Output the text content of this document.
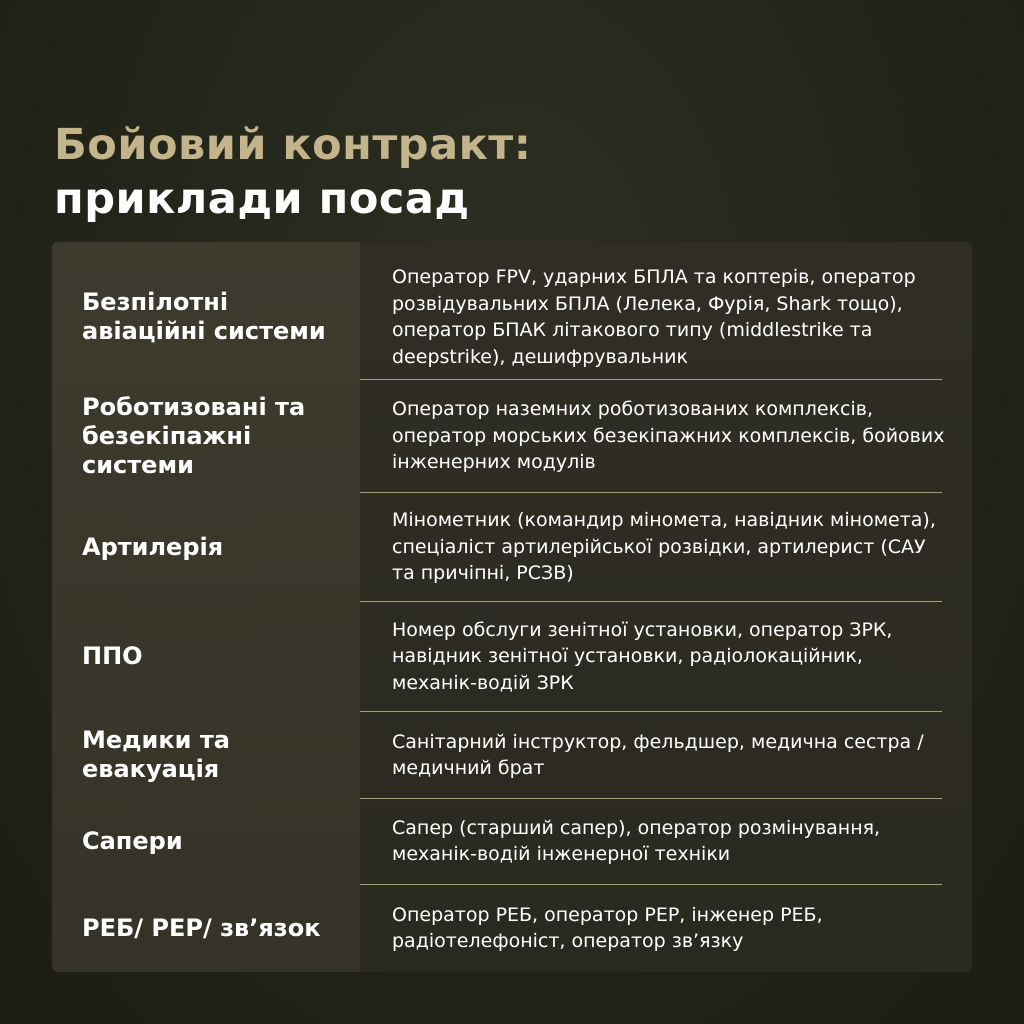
Бойовий контракт:
приклади посад
Безпілотні авіаційні системи
Оператор FPV, ударних БПЛА та коптерів, оператор розвідувальних БПЛА (Лелека, Фурія, Shark тощо), оператор БПАК літакового типу (middlestrike та deepstrike), дешифрувальник
Роботизовані та безекіпажні системи
Оператор наземних роботизованих комплексів, оператор морських безекіпажних комплексів, бойових інженерних модулів
Артилерія
Мінометник (командир міномета, навідник міномета), спеціаліст артилерійської розвідки, артилерист (САУ та причіпні, РСЗВ)
ППО
Номер обслуги зенітної установки, оператор ЗРК, навідник зенітної установки, радіолокаційник, механік-водій ЗРК
Медики та евакуація
Санітарний інструктор, фельдшер, медична сестра / медичний брат
Сапери	Сапер (старший сапер), оператор розмінування, механік-водій інженерної техніки
РЕБ/ РЕР/ зв’язок	Оператор РЕБ, оператор РЕР, інженер РЕБ, радіотелефоніст, оператор зв’язку
